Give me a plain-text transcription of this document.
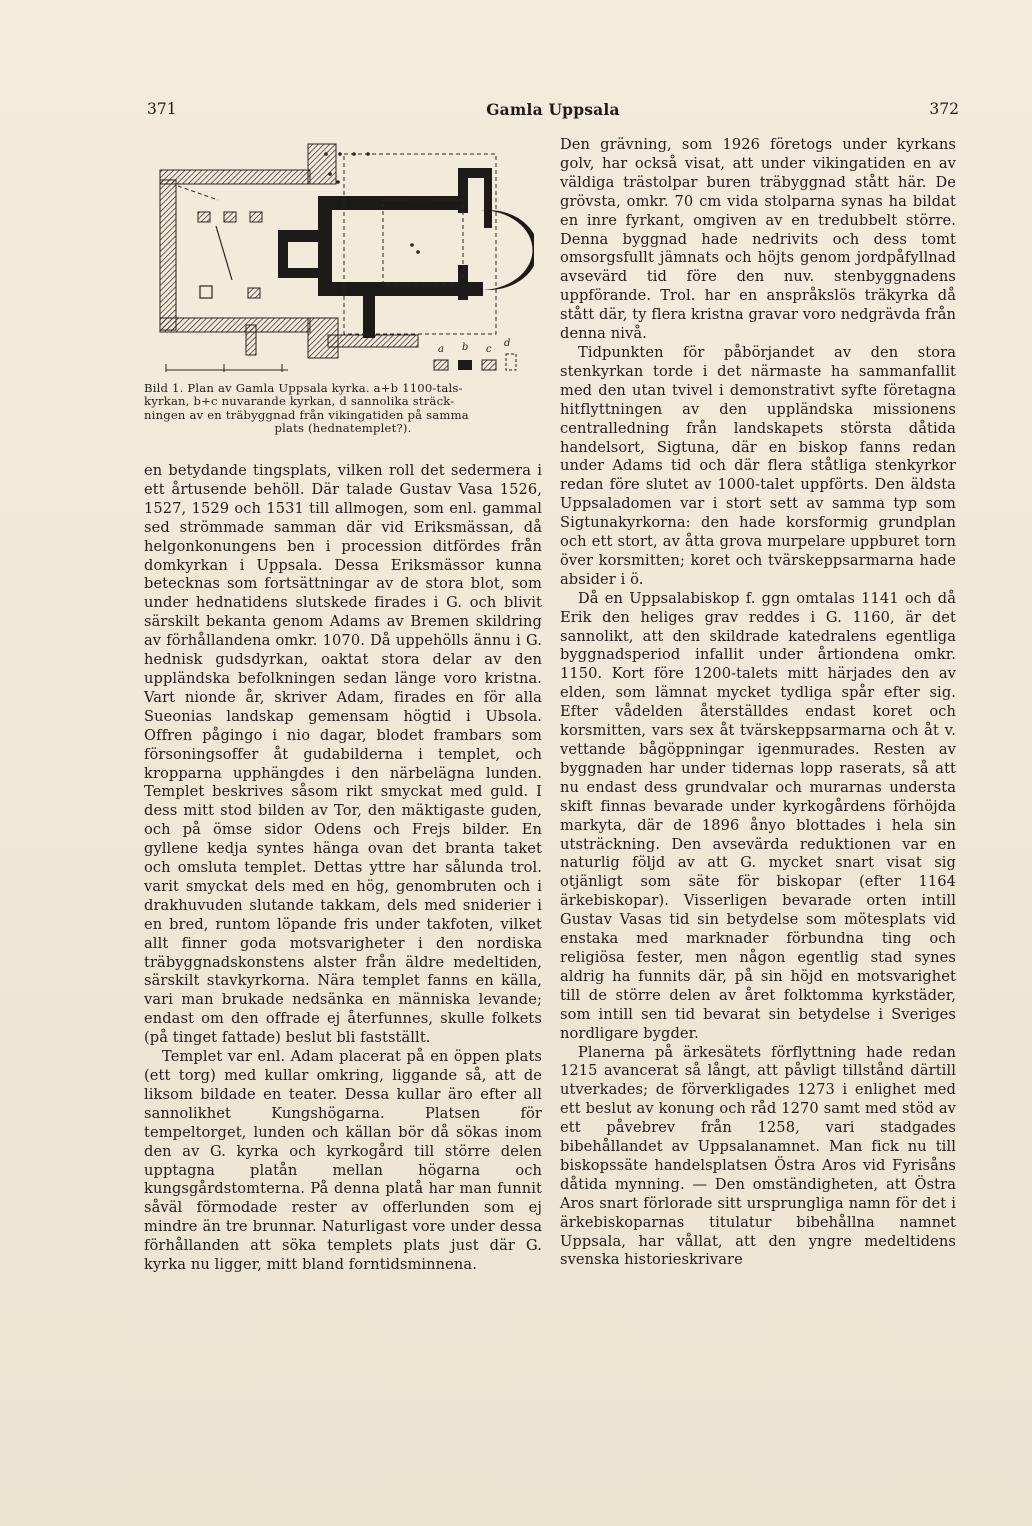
371	Gamla Uppsala	372
a b c
d
Bild 1. Plan av Gamla Uppsala kyrka. a+b 1100-tals-
kyrkan, b+c nuvarande kyrkan, d sannolika sträck-
ningen av en träbyggnad från vikingatiden på samma
plats (hednatemplet?).

en betydande tingsplats, vilken roll det sedermera i ett årtusende behöll. Där talade Gustav Vasa 1526, 1527, 1529 och 1531 till allmogen, som enl. gammal sed strömmade samman där vid Eriksmässan, då helgonkonungens ben i procession ditfördes från domkyrkan i Uppsala. Dessa Eriksmässor kunna betecknas som fortsättningar av de stora blot, som under hednatidens slutskede firades i G. och blivit särskilt bekanta genom Adams av Bremen skildring av förhållandena omkr. 1070. Då uppehölls ännu i G. hednisk gudsdyrkan, oaktat stora delar av den uppländska befolkningen sedan länge voro kristna. Vart nionde år, skriver Adam, firades en för alla Sueonias landskap gemensam högtid i Ubsola. Offren pågingo i nio dagar, blodet frambars som försoningsoffer åt gudabilderna i templet, och kropparna upphängdes i den närbelägna lunden. Templet beskrives såsom rikt smyckat med guld. I dess mitt stod bilden av Tor, den mäktigaste guden, och på ömse sidor Odens och Frejs bilder. En gyllene kedja syntes hänga ovan det branta taket och omsluta templet. Dettas yttre har sålunda trol. varit smyckat dels med en hög, genombruten och i drakhuvuden slutande takkam, dels med sniderier i en bred, runtom löpande fris under takfoten, vilket allt finner goda motsvarigheter i den nordiska träbyggnadskonstens alster från äldre medeltiden, särskilt stavkyrkorna. Nära templet fanns en källa, vari man brukade nedsänka en människa levande; endast om den offrade ej återfunnes, skulle folkets (på tinget fattade) beslut bli fastställt.

Templet var enl. Adam placerat på en öppen plats (ett torg) med kullar omkring, liggande så, att de liksom bildade en teater. Dessa kullar äro efter all sannolikhet Kungshögarna. Platsen för tempeltorget, lunden och källan bör då sökas inom den av G. kyrka och kyrkogård till större delen upptagna platån mellan högarna och kungsgårdstomterna. På denna platå har man funnit såväl förmodade rester av offerlunden som ej mindre än tre brunnar. Naturligast vore under dessa förhållanden att söka templets plats just där G. kyrka nu ligger, mitt bland forntidsminnena.

Den grävning, som 1926 företogs under kyrkans golv, har också visat, att under vikingatiden en av väldiga trästolpar buren träbyggnad stått här. De grövsta, omkr. 70 cm vida stolparna synas ha bildat en inre fyrkant, omgiven av en tredubbelt större. Denna byggnad hade nedrivits och dess tomt omsorgsfullt jämnats och höjts genom jordpåfyllnad avsevärd tid före den nuv. stenbyggnadens uppförande. Trol. har en anspråkslös träkyrka då stått där, ty flera kristna gravar voro nedgrävda från denna nivå.

Tidpunkten för påbörjandet av den stora stenkyrkan torde i det närmaste ha sammanfallit med den utan tvivel i demonstrativt syfte företagna hitflyttningen av den uppländska missionens centralledning från landskapets största dåtida handelsort, Sigtuna, där en biskop fanns redan under Adams tid och där flera ståtliga stenkyrkor redan före slutet av 1000-talet uppförts. Den äldsta Uppsaladomen var i stort sett av samma typ som Sigtunakyrkorna: den hade korsformig grundplan och ett stort, av åtta grova murpelare uppburet torn över korsmitten; koret och tvärskeppsarmarna hade absider i ö.

Då en Uppsalabiskop f. ggn omtalas 1141 och då Erik den heliges grav reddes i G. 1160, är det sannolikt, att den skildrade katedralens egentliga byggnadsperiod infallit under årtiondena omkr. 1150. Kort före 1200-talets mitt härjades den av elden, som lämnat mycket tydliga spår efter sig. Efter vådelden återställdes endast koret och korsmitten, vars sex åt tvärskeppsarmarna och åt v. vettande bågöppningar igenmurades. Resten av byggnaden har under tidernas lopp raserats, så att nu endast dess grundvalar och murarnas understa skift finnas bevarade under kyrkogårdens förhöjda markyta, där de 1896 ånyo blottades i hela sin utsträckning. Den avsevärda reduktionen var en naturlig följd av att G. mycket snart visat sig otjänligt som säte för biskopar (efter 1164 ärkebiskopar). Visserligen bevarade orten intill Gustav Vasas tid sin betydelse som mötesplats vid enstaka med marknader förbundna ting och religiösa fester, men någon egentlig stad synes aldrig ha funnits där, på sin höjd en motsvarighet till de större delen av året folktomma kyrkstäder, som intill sen tid bevarat sin betydelse i Sveriges nordligare bygder.

Planerna på ärkesätets förflyttning hade redan 1215 avancerat så långt, att påvligt tillstånd därtill utverkades; de förverkligades 1273 i enlighet med ett beslut av konung och råd 1270 samt med stöd av ett påvebrev från 1258, vari stadgades bibehållandet av Uppsalanamnet. Man fick nu till biskopssäte handelsplatsen Östra Aros vid Fyrisåns dåtida mynning. — Den omständigheten, att Östra Aros snart förlorade sitt ursprungliga namn för det i ärkebiskoparnas titulatur bibehållna namnet Uppsala, har vållat, att den yngre medeltidens svenska historieskrivare
